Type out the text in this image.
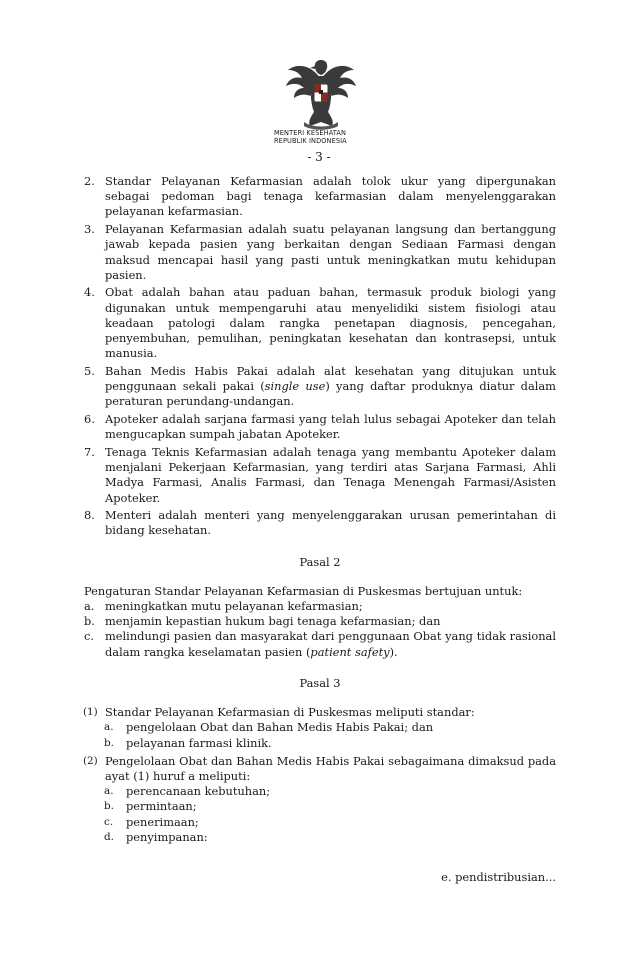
MENTERI KESEHATAN
REPUBLIK INDONESIA
- 3 -
2. Standar Pelayanan Kefarmasian adalah tolok ukur yang dipergunakan sebagai pedoman bagi tenaga kefarmasian dalam menyelenggarakan pelayanan kefarmasian.
3. Pelayanan Kefarmasian adalah suatu pelayanan langsung dan bertanggung jawab kepada pasien yang berkaitan dengan Sediaan Farmasi dengan maksud mencapai hasil yang pasti untuk meningkatkan mutu kehidupan pasien.
4. Obat adalah bahan atau paduan bahan, termasuk produk biologi yang digunakan untuk mempengaruhi atau menyelidiki sistem fisiologi atau keadaan patologi dalam rangka penetapan diagnosis, pencegahan, penyembuhan, pemulihan, peningkatan kesehatan dan kontrasepsi, untuk manusia.
5. Bahan Medis Habis Pakai adalah alat kesehatan yang ditujukan untuk penggunaan sekali pakai (single use) yang daftar produknya diatur dalam peraturan perundang-undangan.
6. Apoteker adalah sarjana farmasi yang telah lulus sebagai Apoteker dan telah mengucapkan sumpah jabatan Apoteker.
7. Tenaga Teknis Kefarmasian adalah tenaga yang membantu Apoteker dalam menjalani Pekerjaan Kefarmasian, yang terdiri atas Sarjana Farmasi, Ahli Madya Farmasi, Analis Farmasi, dan Tenaga Menengah Farmasi/Asisten Apoteker.
8. Menteri adalah menteri yang menyelenggarakan urusan pemerintahan di bidang kesehatan.
Pasal 2
Pengaturan Standar Pelayanan Kefarmasian di Puskesmas bertujuan untuk:
a. meningkatkan mutu pelayanan kefarmasian;
b. menjamin kepastian hukum bagi tenaga kefarmasian; dan
c. melindungi pasien dan masyarakat dari penggunaan Obat yang tidak rasional dalam rangka keselamatan pasien (patient safety).
Pasal 3
(1) Standar Pelayanan Kefarmasian di Puskesmas meliputi standar:
a. pengelolaan Obat dan Bahan Medis Habis Pakai; dan
b. pelayanan farmasi klinik.
(2) Pengelolaan Obat dan Bahan Medis Habis Pakai sebagaimana dimaksud pada ayat (1) huruf a meliputi:
a. perencanaan kebutuhan;
b. permintaan;
c. penerimaan;
d. penyimpanan:
e. pendistribusian...
